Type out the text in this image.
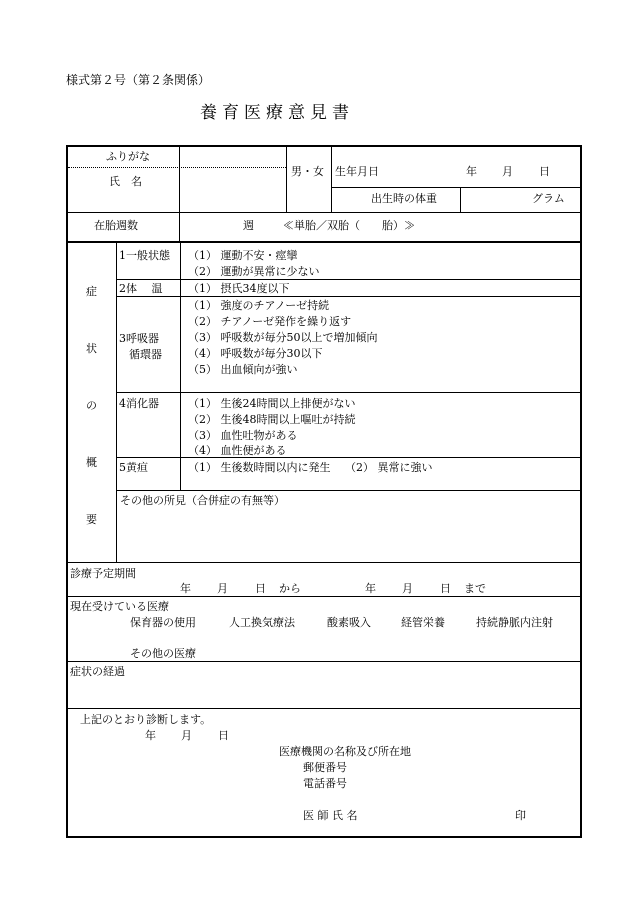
様式第２号（第２条関係）
養育医療意見書
ふりがな
氏　名
男・女 生年月日	年 月 日
出生時の体重	グラム
在胎週数	週	≪単胎／双胎（　　胎）≫
症
状
の
概
要
1一般状態 （1） 運動不安・痙攣
（2） 運動が異常に少ない
2体　 温 （1） 摂氏34度以下
3呼吸器
循環器
（1） 強度のチアノーゼ持続
（2） チアノーゼ発作を繰り返す
（3） 呼吸数が毎分50以上で増加傾向
（4） 呼吸数が毎分30以下
（5） 出血傾向が強い
4消化器	（1） 生後24時間以上排便がない
（2） 生後48時間以上嘔吐が持続
（3） 血性吐物がある
（4） 血性便がある
5黄疸	（1） 生後数時間以内に発生　 （2） 異常に強い
その他の所見（合併症の有無等）
診療予定期間
年 月 日 から	年 月 日 まで
現在受けている医療
保育器の使用	人工換気療法	酸素吸入	経管栄養	持続静脈内注射
その他の医療
症状の経過
上記のとおり診断します。
年 月 日
医療機関の名称及び所在地
郵便番号
電話番号
医 師 氏 名	印
